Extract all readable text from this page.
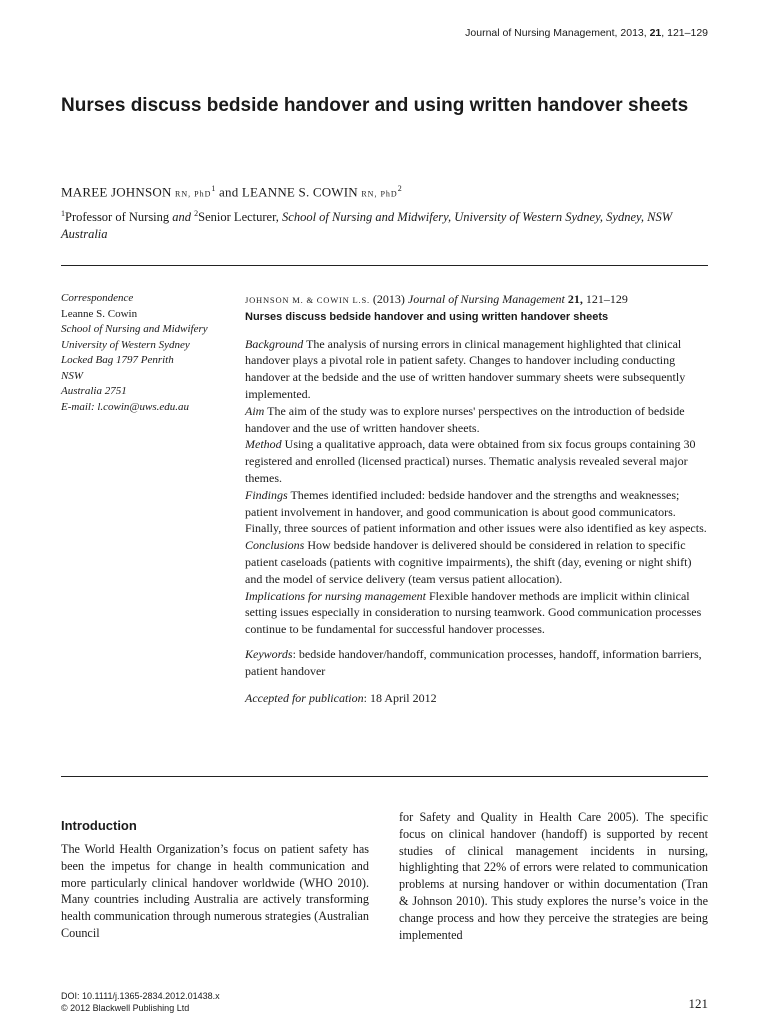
Journal of Nursing Management, 2013, 21, 121–129
Nurses discuss bedside handover and using written handover sheets
MAREE JOHNSON RN, PhD$^1$ and LEANNE S. COWIN RN, PhD$^2$
$^1$Professor of Nursing and $^2$Senior Lecturer, School of Nursing and Midwifery, University of Western Sydney, Sydney, NSW Australia
Correspondence
Leanne S. Cowin
School of Nursing and Midwifery
University of Western Sydney
Locked Bag 1797 Penrith
NSW
Australia 2751
E-mail: l.cowin@uws.edu.au
JOHNSON M. & COWIN L.S. (2013) Journal of Nursing Management 21, 121–129
Nurses discuss bedside handover and using written handover sheets

Background The analysis of nursing errors in clinical management highlighted that clinical handover plays a pivotal role in patient safety. Changes to handover including conducting handover at the bedside and the use of written handover summary sheets were subsequently implemented.

Aim The aim of the study was to explore nurses' perspectives on the introduction of bedside handover and the use of written handover sheets.

Method Using a qualitative approach, data were obtained from six focus groups containing 30 registered and enrolled (licensed practical) nurses. Thematic analysis revealed several major themes.

Findings Themes identified included: bedside handover and the strengths and weaknesses; patient involvement in handover, and good communication is about good communicators. Finally, three sources of patient information and other issues were also identified as key aspects.

Conclusions How bedside handover is delivered should be considered in relation to specific patient caseloads (patients with cognitive impairments), the shift (day, evening or night shift) and the model of service delivery (team versus patient allocation).

Implications for nursing management Flexible handover methods are implicit within clinical setting issues especially in consideration to nursing teamwork. Good communication processes continue to be fundamental for successful handover processes.

Keywords: bedside handover/handoff, communication processes, handoff, information barriers, patient handover

Accepted for publication: 18 April 2012

Introduction
The World Health Organization’s focus on patient safety has been the impetus for change in health communication and more particularly clinical handover worldwide (WHO 2010). Many countries including Australia are actively transforming health communication through numerous strategies (Australian Council
for Safety and Quality in Health Care 2005). The specific focus on clinical handover (handoff) is supported by recent studies of clinical management incidents in nursing, highlighting that 22% of errors were related to communication problems at nursing handover or within documentation (Tran & Johnson 2010). This study explores the nurse’s voice in the change process and how they perceive the strategies are being implemented
DOI: 10.1111/j.1365-2834.2012.01438.x
© 2012 Blackwell Publishing Ltd	121
